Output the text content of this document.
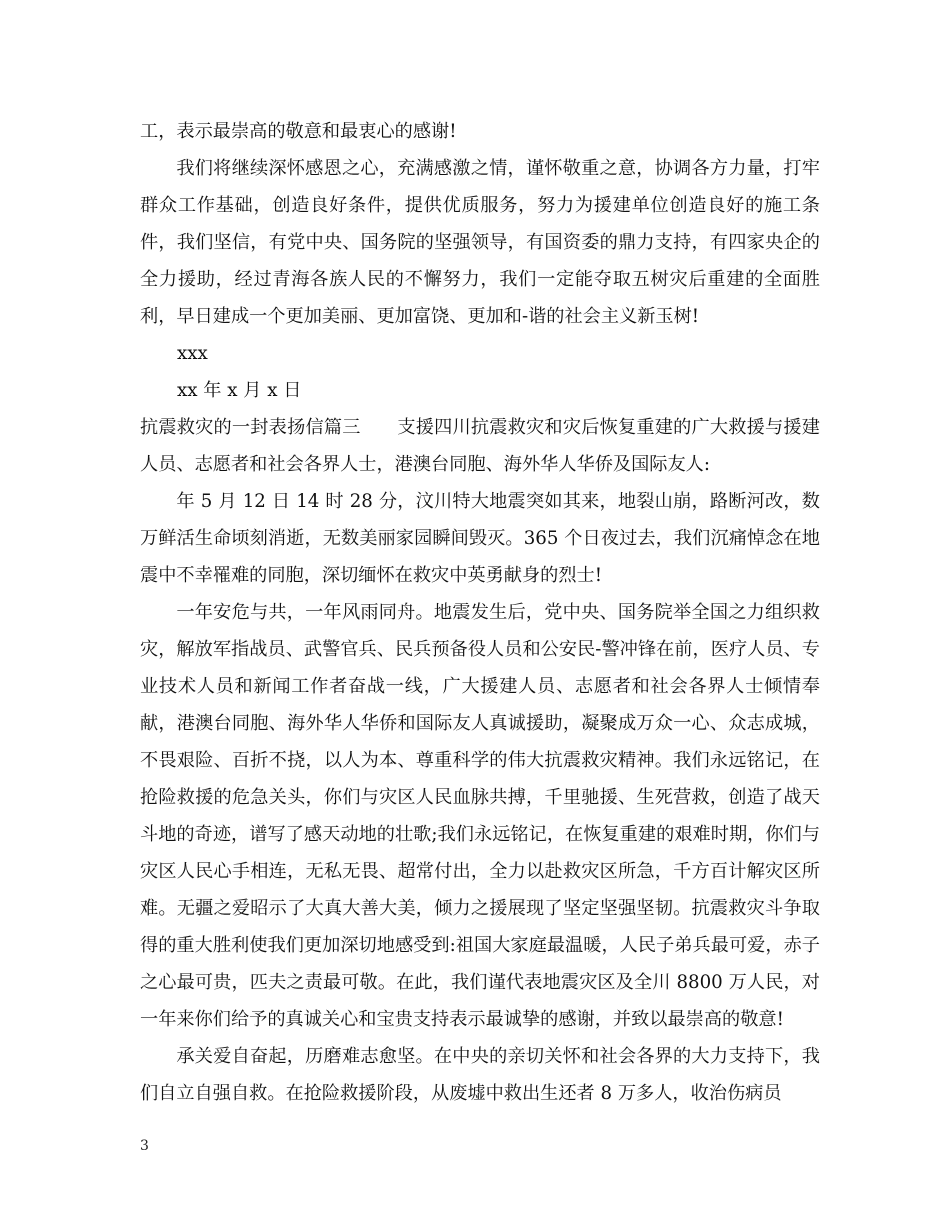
工，表示最崇高的敬意和最衷心的感谢!

我们将继续深怀感恩之心，充满感激之情，谨怀敬重之意，协调各方力量，打牢群众工作基础，创造良好条件，提供优质服务，努力为援建单位创造良好的施工条件，我们坚信，有党中央、国务院的坚强领导，有国资委的鼎力支持，有四家央企的全力援助，经过青海各族人民的不懈努力，我们一定能夺取五树灾后重建的全面胜利，早日建成一个更加美丽、更加富饶、更加和-谐的社会主义新玉树!

xxx

xx 年 x 月 x 日

抗震救灾的一封表扬信篇三　　支援四川抗震救灾和灾后恢复重建的广大救援与援建人员、志愿者和社会各界人士，港澳台同胞、海外华人华侨及国际友人:

年 5 月 12 日 14 时 28 分，汶川特大地震突如其来，地裂山崩，路断河改，数万鲜活生命顷刻消逝，无数美丽家园瞬间毁灭。365 个日夜过去，我们沉痛悼念在地震中不幸罹难的同胞，深切缅怀在救灾中英勇献身的烈士!

一年安危与共，一年风雨同舟。地震发生后，党中央、国务院举全国之力组织救灾，解放军指战员、武警官兵、民兵预备役人员和公安民-警冲锋在前，医疗人员、专业技术人员和新闻工作者奋战一线，广大援建人员、志愿者和社会各界人士倾情奉献，港澳台同胞、海外华人华侨和国际友人真诚援助，凝聚成万众一心、众志成城，不畏艰险、百折不挠，以人为本、尊重科学的伟大抗震救灾精神。我们永远铭记，在抢险救援的危急关头，你们与灾区人民血脉共搏，千里驰援、生死营救，创造了战天斗地的奇迹，谱写了感天动地的壮歌;我们永远铭记，在恢复重建的艰难时期，你们与灾区人民心手相连，无私无畏、超常付出，全力以赴救灾区所急，千方百计解灾区所难。无疆之爱昭示了大真大善大美，倾力之援展现了坚定坚强坚韧。抗震救灾斗争取得的重大胜利使我们更加深切地感受到:祖国大家庭最温暖，人民子弟兵最可爱，赤子之心最可贵，匹夫之责最可敬。在此，我们谨代表地震灾区及全川 8800 万人民，对一年来你们给予的真诚关心和宝贵支持表示最诚挚的感谢，并致以最崇高的敬意!

承关爱自奋起，历磨难志愈坚。在中央的亲切关怀和社会各界的大力支持下，我们自立自强自救。在抢险救援阶段，从废墟中救出生还者 8 万多人，收治伤病员

3
